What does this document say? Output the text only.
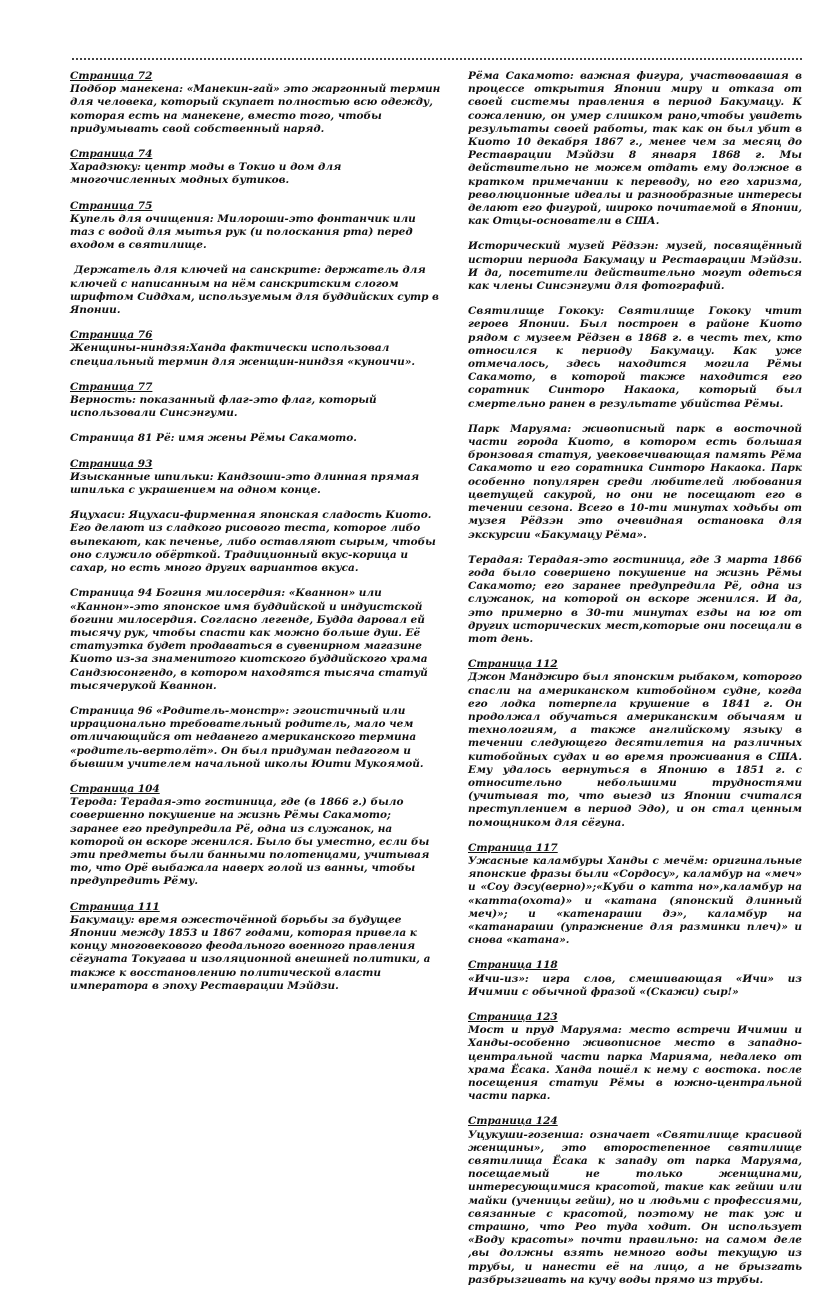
Страница 72
Подбор манекена: «Манекин-гай» это жаргонный термин для человека, который скупает полностью всю одежду, которая есть на манекене, вместо того, чтобы придумывать свой собственный наряд.
Страница 74
Харадзюку: центр моды в Токио и дом для многочисленных модных бутиков.
Страница 75
Купель для очищения: Милороши-это фонтанчик или таз с водой для мытья рук (и полоскания рта) перед входом в святилище.
Держатель для ключей на санскрите: держатель для ключей с написанным на нём санскритским слогом шрифтом Сиддхам, используемым для буддийских сутр в Японии.
Страница 76
Женщины-ниндзя:Ханда фактически использовал специальный термин для женщин-ниндзя «куноичи».
Страница 77
Верность: показанный флаг-это флаг, который использовали Синсэнгуми.
Страница 81 Рё: имя жены Рёмы Сакамото.
Страница 93
Изысканные шпильки: Кандзоши-это длинная прямая шпилька с украшением на одном конце.
Яцухаси: Яцухаси-фирменная японская сладость Киото. Его делают из сладкого рисового теста, которое либо выпекают, как печенье, либо оставляют сырым, чтобы оно служило обёрткой. Традиционный вкус-корица и сахар, но есть много других вариантов вкуса.
Страница 94 Богиня милосердия: «Кваннон» или «Каннон»-это японское имя буддийской и индуистской богини милосердия. Согласно легенде, Будда даровал ей тысячу рук, чтобы спасти как можно больше душ. Её статуэтка будет продаваться в сувенирном магазине Киото из-за знаменитого киотского буддийского храма Сандзюсонгендо, в котором находятся тысяча статуй тысячерукой Кваннон.
Страница 96 «Родитель-монстр»: эгоистичный или иррационально требовательный родитель, мало чем отличающийся от недавнего американского термина «родитель-вертолёт». Он был придуман педагогом и бывшим учителем начальной школы Юити Мукоямой.
Страница 104
Терода: Терадая-это гостиница, где (в 1866 г.) было совершенно покушение на жизнь Рёмы Сакамото; заранее его предупредила Рё, одна из служанок, на которой он вскоре женился. Было бы уместно, если бы эти предметы были банными полотенцами, учитывая то, что Орё выбажала наверх голой из ванны, чтобы предупредить Рёму.
Страница 111
Бакумацу: время ожесточённой борьбы за будущее Японии между 1853 и 1867 годами, которая привела к концу многовекового феодального военного правления сёгуната Токугава и изоляционной внешней политики, а также к восстановлению политической власти императора в эпоху Реставрации Мэйдзи.
Рёма Сакамото: важная фигура, участвовавшая в процессе открытия Японии миру и отказа от своей системы правления в период Бакумацу. К сожалению, он умер слишком рано,чтобы увидеть результаты своей работы, так как он был убит в Киото 10 декабря 1867 г., менее чем за месяц до Реставрации Мэйдзи 8 января 1868 г. Мы действительно не можем отдать ему должное в кратком примечании к переводу, но его харизма, революционные идеалы и разнообразные интересы делают его фигурой, широко почитаемой в Японии, как Отцы-основатели в США.
Исторический музей Рёдзэн: музей, посвящённый истории периода Бакумацу и Реставрации Мэйдзи. И да, посетители действительно могут одеться как члены Синсэнгуми для фотографий.
Святилище Гококу: Святилище Гококу чтит героев Японии. Был построен в районе Киото рядом с музеем Рёдзен в 1868 г. в честь тех, кто относился к периоду Бакумацу. Как уже отмечалось, здесь находится могила Рёмы Сакамото, в которой также находится его соратник Синторо Накаока, который был смертельно ранен в результате убийства Рёмы.
Парк Маруяма: живописный парк в восточной части города Киото, в котором есть большая бронзовая статуя, увековечивающая память Рёма Сакамото и его соратника Синторо Накаока. Парк особенно популярен среди любителей любования цветущей сакурой, но они не посещают его в течении сезона. Всего в 10-ти минутах ходьбы от музея Рёдзэн это очевидная остановка для экскурсии «Бакумацу Рёма».
Терадая: Терадая-это гостиница, где 3 марта 1866 года было совершено покушение на жизнь Рёмы Сакамото; его заранее предупредила Рё, одна из служанок, на которой он вскоре женился. И да, это примерно в 30-ти минутах езды на юг от других исторических мест,которые они посещали в тот день.
Страница 112
Джон Манджиро был японским рыбаком, которого спасли на американском китобойном судне, когда его лодка потерпела крушение в 1841 г. Он продолжал обучаться американским обычаям и технологиям, а также английскому языку в течении следующего десятилетия на различных китобойных судах и во время проживания в США. Ему удалось вернуться в Японию в 1851 г. с относительно небольшими трудностями (учитывая то, что выезд из Японии считался преступлением в период Эдо), и он стал ценным помощником для сёгуна.
Страница 117
Ужасные каламбуры Ханды с мечём: оригинальные японские фразы были «Сордосу», каламбур на «меч» и «Соу дэсу(верно)»;«Куби о катта но»,каламбур на «катта(охота)» и «катана (японский длинный меч)»; и «катенараши дэ», каламбур на «катанараши (упражнение для разминки плеч)» и снова «катана».
Страница 118
«Ичи-из»: игра слов, смешивающая «Ичи» из Ичимии с обычной фразой «(Скажи) сыр!»
Страница 123
Мост и пруд Маруяма: место встречи Ичимии и Ханды-особенно живописное место в западно- центральной части парка Марияма, недалеко от храма Ёсака. Ханда пошёл к нему с востока. после посещения статуи Рёмы в южно-центральной части парка.
Страница 124
Уцукуши-гозенша: означает «Святилище красивой женщины», это второстепенное святилище святилища Ёсака к западу от парка Маруяма, посещаемый не только женщинами, интересующимися красотой, такие как гейши или майки (ученицы гейш), но и людьми с профессиями, связанные с красотой, поэтому не так уж и страшно, что Рео туда ходит. Он использует «Воду красоты» почти правильно: на самом деле ,вы должны взять немного воды текущую из трубы, и нанести её на лицо, а не брызгать разбрызгивать на кучу воды прямо из трубы.
